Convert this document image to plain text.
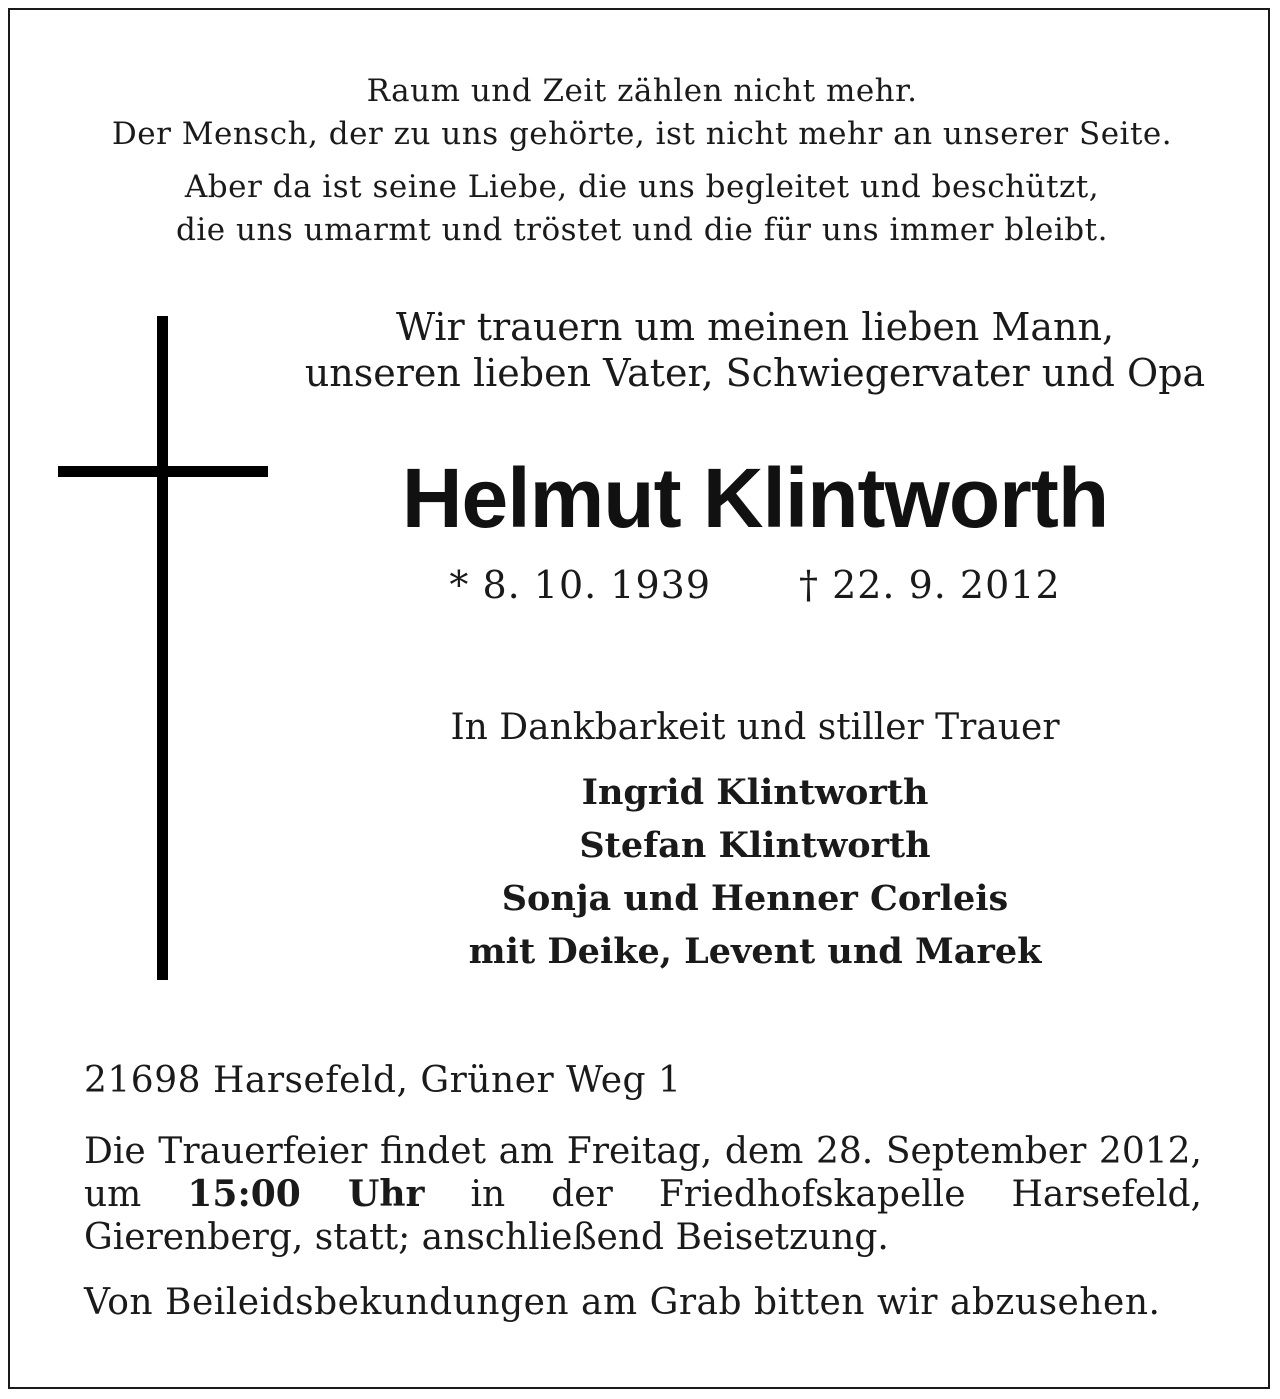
Raum und Zeit zählen nicht mehr.
Der Mensch, der zu uns gehörte, ist nicht mehr an unserer Seite.
Aber da ist seine Liebe, die uns begleitet und beschützt,
die uns umarmt und tröstet und die für uns immer bleibt.
Wir trauern um meinen lieben Mann,
unseren lieben Vater, Schwiegervater und Opa
Helmut Klintworth
* 8. 10. 1939 † 22. 9. 2012
In Dankbarkeit und stiller Trauer
Ingrid Klintworth
Stefan Klintworth
Sonja und Henner Corleis
mit Deike, Levent und Marek
21698 Harsefeld, Grüner Weg 1
Die Trauerfeier findet am Freitag, dem 28. September 2012, um 15:00 Uhr in der Friedhofskapelle Harsefeld, Gierenberg, statt; anschließend Beisetzung.
Von Beileidsbekundungen am Grab bitten wir abzusehen.
